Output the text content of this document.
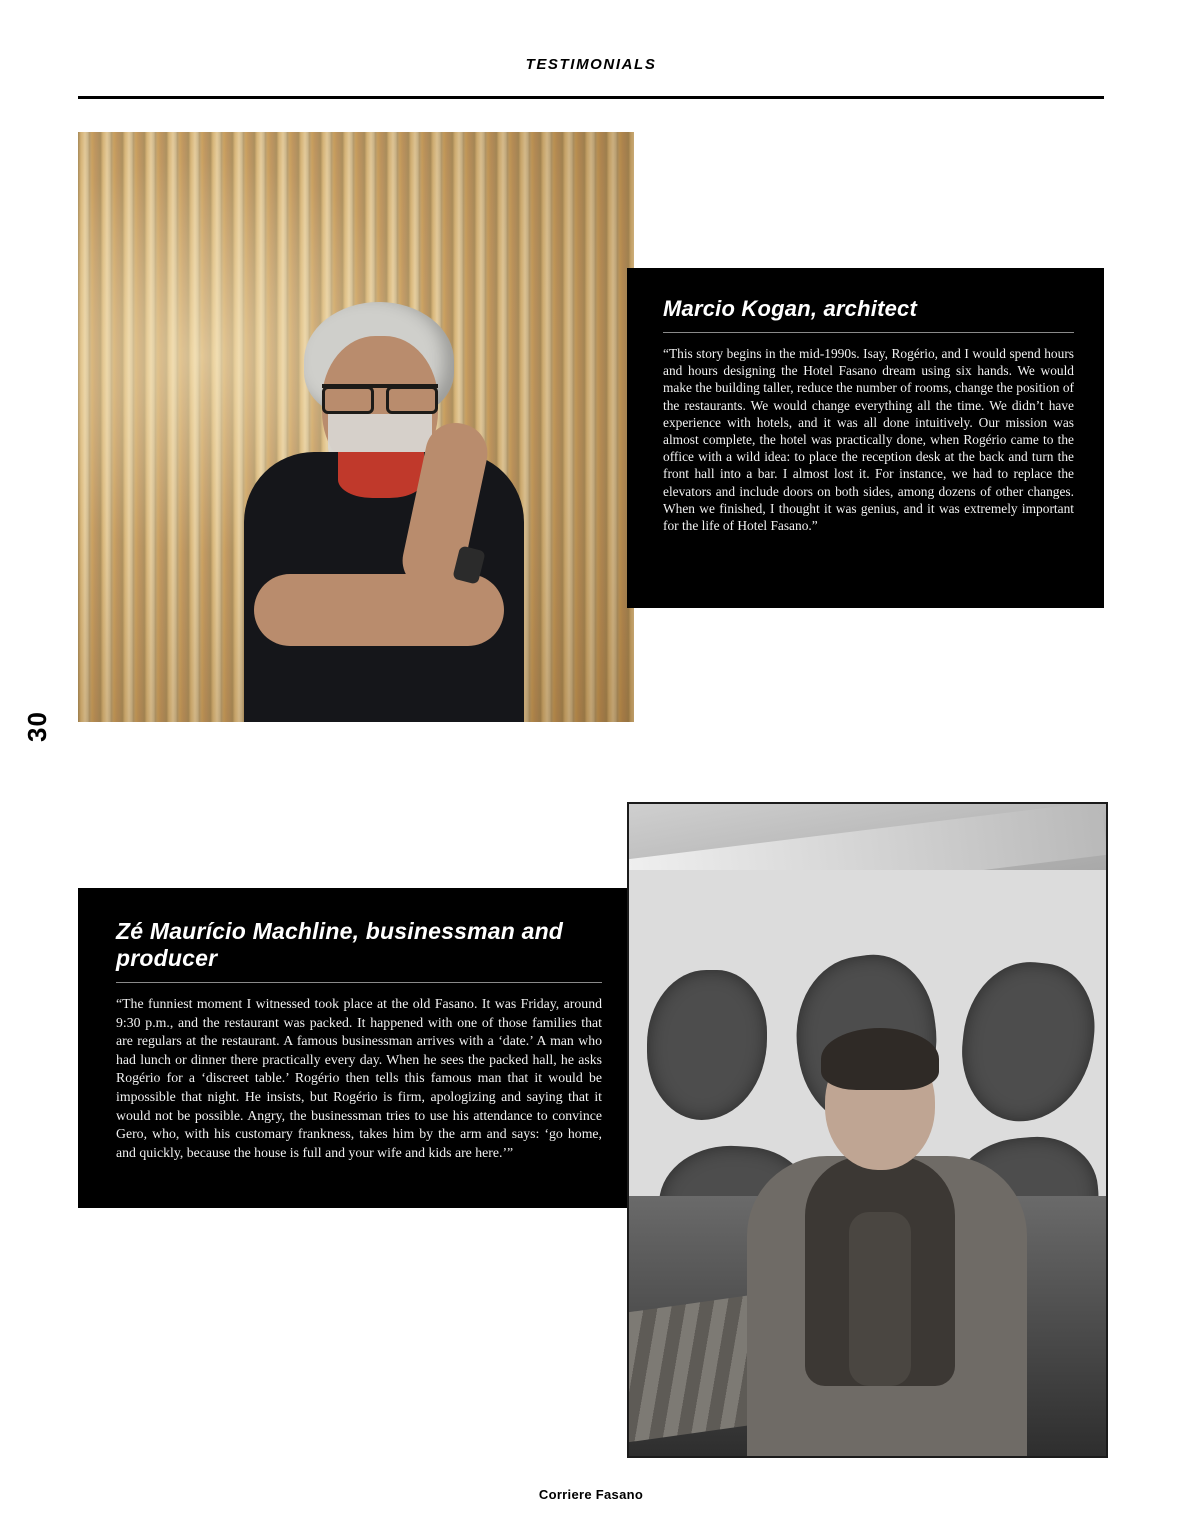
TESTIMONIALS
30
Marcio Kogan, architect

“This story begins in the mid-1990s. Isay, Rogério, and I would spend hours and hours designing the Hotel Fasano dream using six hands. We would make the building taller, reduce the number of rooms, change the position of the restaurants. We would change everything all the time. We didn’t have experience with hotels, and it was all done intuitively. Our mission was almost complete, the hotel was practically done, when Rogério came to the office with a wild idea: to place the reception desk at the back and turn the front hall into a bar. I almost lost it. For instance, we had to replace the elevators and include doors on both sides, among dozens of other changes. When we finished, I thought it was genius, and it was extremely important for the life of Hotel Fasano.”

Zé Maurício Machline, businessman and producer

“The funniest moment I witnessed took place at the old Fasano. It was Friday, around 9:30 p.m., and the restaurant was packed. It happened with one of those families that are regulars at the restaurant. A famous businessman arrives with a ‘date.’ A man who had lunch or dinner there practically every day. When he sees the packed hall, he asks Rogério for a ‘discreet table.’ Rogério then tells this famous man that it would be impossible that night. He insists, but Rogério is firm, apologizing and saying that it would not be possible. Angry, the businessman tries to use his attendance to convince Gero, who, with his customary frankness, takes him by the arm and says: ‘go home, and quickly, because the house is full and your wife and kids are here.’”

Corriere Fasano
